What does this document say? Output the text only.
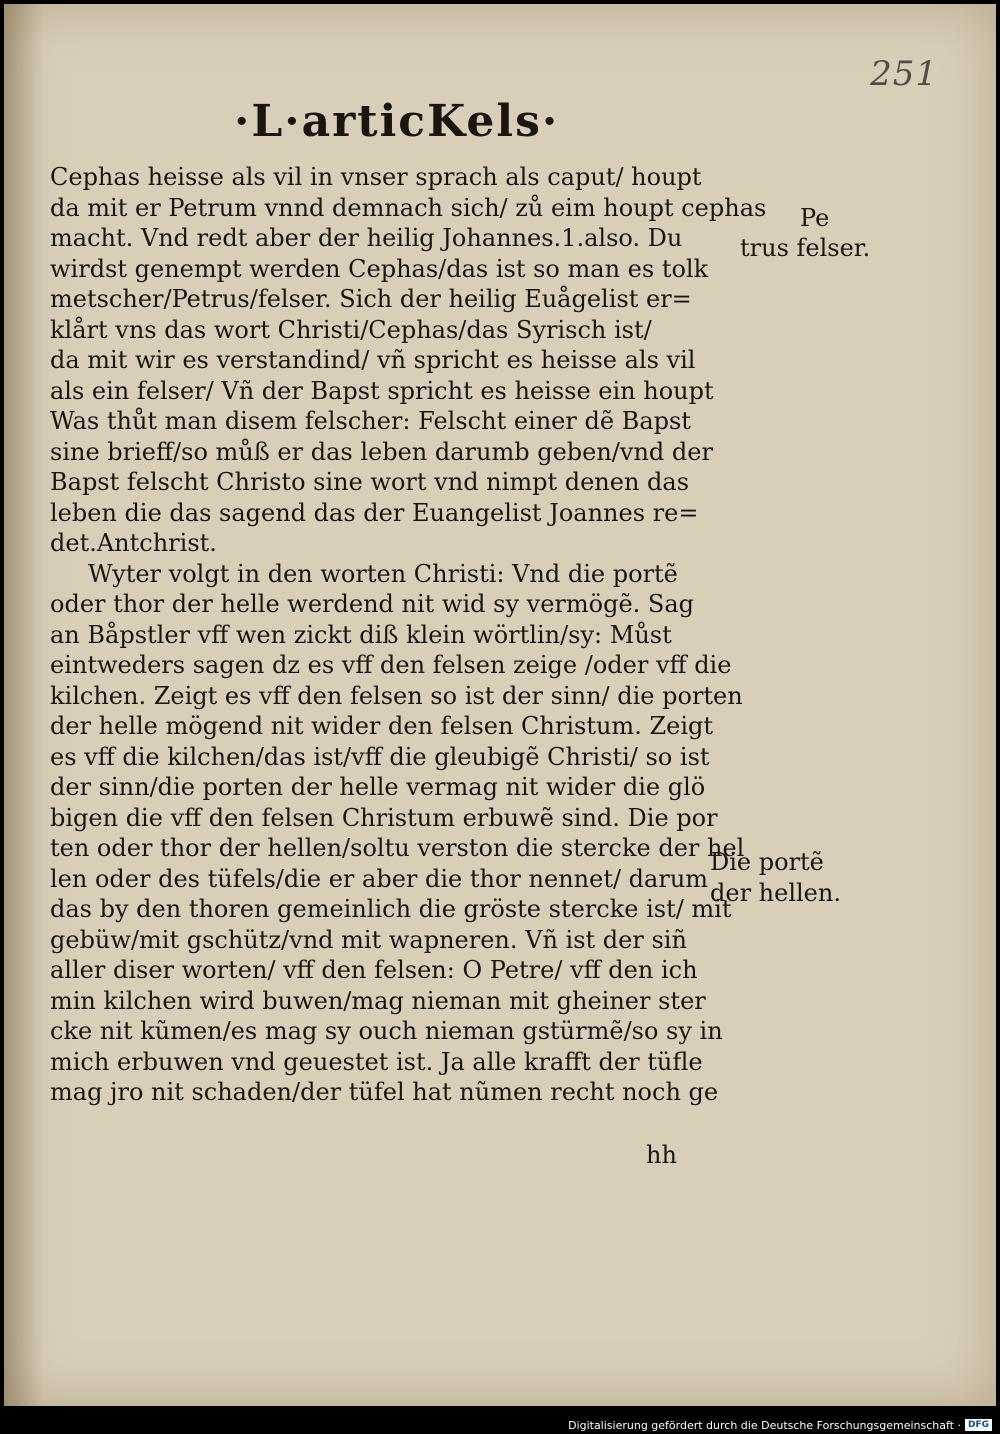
251
·L·articKels·
Pe
trus felser.
Cephas heisse als vil in vnser sprach als caput/ houpt
da mit er Petrum vnnd demnach sich/ zů eim houpt cephas
macht. Vnd redt aber der heilig Johannes.1.also. Du
wirdst genempt werden Cephas/das ist so man es tolk
metscher/Petrus/felser. Sich der heilig Euågelist er=
klårt vns das wort Christi/Cephas/das Syrisch ist/
da mit wir es verstandind/ vñ spricht es heisse als vil
als ein felser/ Vñ der Bapst spricht es heisse ein houpt
Was thůt man disem felscher: Felscht einer dẽ Bapst
sine brieff/so můß er das leben darumb geben/vnd der
Bapst felscht Christo sine wort vnd nimpt denen das
leben die das sagend das der Euangelist Joannes re=
det.Antchrist.
Wyter volgt in den worten Christi: Vnd die portẽ
oder thor der helle werdend nit wid sy vermögẽ. Sag
an Båpstler vff wen zickt diß klein wörtlin/sy: Můst
eintweders sagen dz es vff den felsen zeige /oder vff die
kilchen. Zeigt es vff den felsen so ist der sinn/ die porten
der helle mögend nit wider den felsen Christum. Zeigt
es vff die kilchen/das ist/vff die gleubigẽ Christi/ so ist
der sinn/die porten der helle vermag nit wider die glö
bigen die vff den felsen Christum erbuwẽ sind. Die por
ten oder thor der hellen/soltu verston die stercke der hel
len oder des tüfels/die er aber die thor nennet/ darum
das by den thoren gemeinlich die gröste stercke ist/ mit
gebüw/mit gschütz/vnd mit wapneren. Vñ ist der siñ
aller diser worten/ vff den felsen: O Petre/ vff den ich
min kilchen wird buwen/mag nieman mit gheiner ster
cke nit kũmen/es mag sy ouch nieman gstürmẽ/so sy in
mich erbuwen vnd geuestet ist. Ja alle krafft der tüfle
mag jro nit schaden/der tüfel hat nũmen recht noch ge
Die portẽ
der hellen.
hh
Digitalisierung gefördert durch die Deutsche Forschungsgemeinschaft · DFG
